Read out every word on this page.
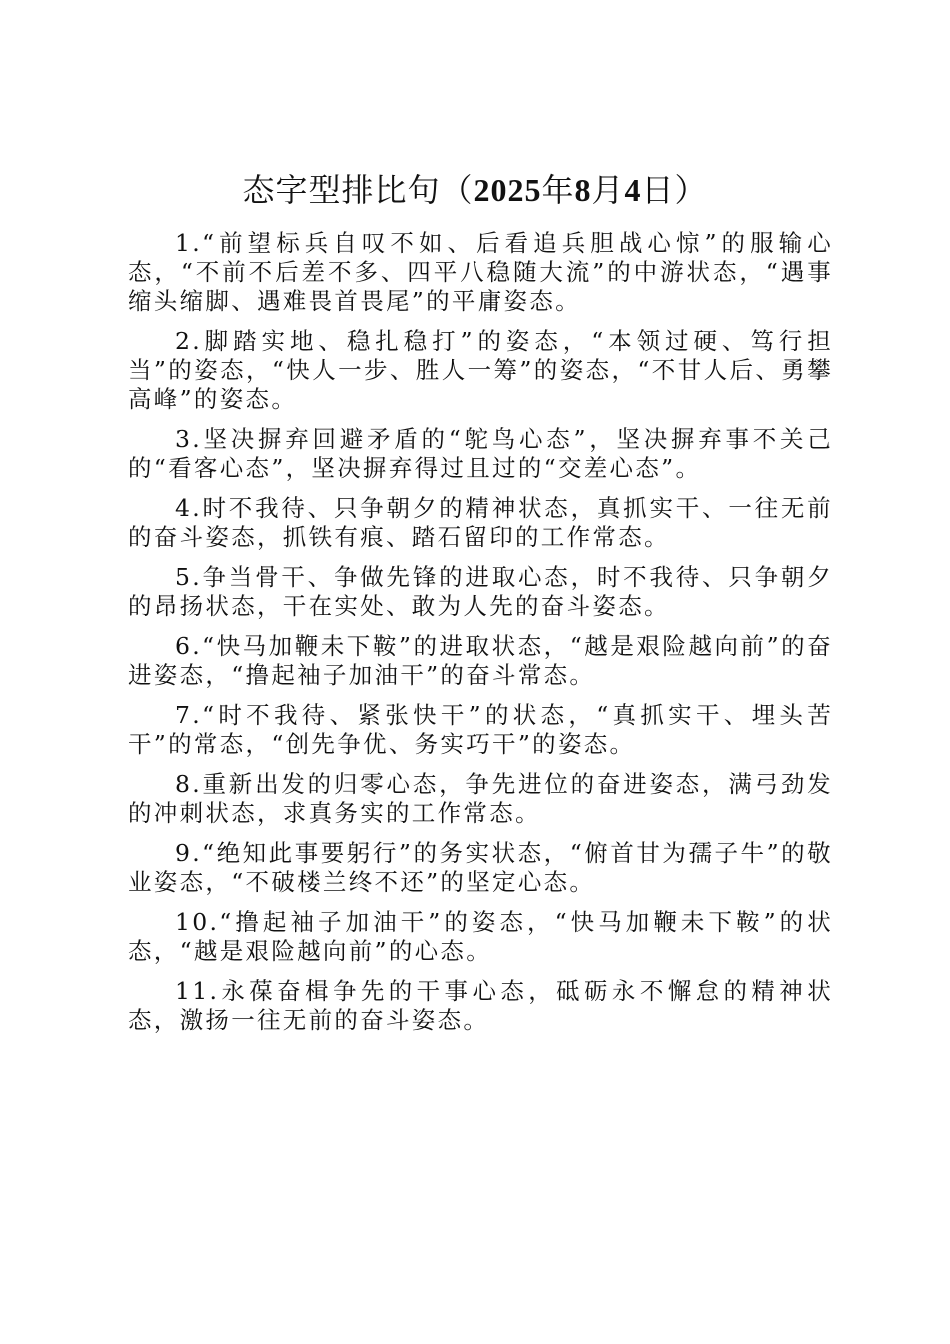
态字型排比句（2025年8月4日）

1.“前望标兵自叹不如、后看追兵胆战心惊”的服输心态，“不前不后差不多、四平八稳随大流”的中游状态，“遇事缩头缩脚、遇难畏首畏尾”的平庸姿态。

2.脚踏实地、稳扎稳打”的姿态，“本领过硬、笃行担当”的姿态，“快人一步、胜人一筹”的姿态，“不甘人后、勇攀高峰”的姿态。

3.坚决摒弃回避矛盾的“鸵鸟心态”，坚决摒弃事不关己的“看客心态”，坚决摒弃得过且过的“交差心态”。

4.时不我待、只争朝夕的精神状态，真抓实干、一往无前的奋斗姿态，抓铁有痕、踏石留印的工作常态。

5.争当骨干、争做先锋的进取心态，时不我待、只争朝夕的昂扬状态，干在实处、敢为人先的奋斗姿态。

6.“快马加鞭未下鞍”的进取状态，“越是艰险越向前”的奋进姿态，“撸起袖子加油干”的奋斗常态。

7.“时不我待、紧张快干”的状态，“真抓实干、埋头苦干”的常态，“创先争优、务实巧干”的姿态。

8.重新出发的归零心态，争先进位的奋进姿态，满弓劲发的冲刺状态，求真务实的工作常态。

9.“绝知此事要躬行”的务实状态，“俯首甘为孺子牛”的敬业姿态，“不破楼兰终不还”的坚定心态。

10.“撸起袖子加油干”的姿态，“快马加鞭未下鞍”的状态，“越是艰险越向前”的心态。

11.永葆奋楫争先的干事心态，砥砺永不懈怠的精神状态，激扬一往无前的奋斗姿态。
